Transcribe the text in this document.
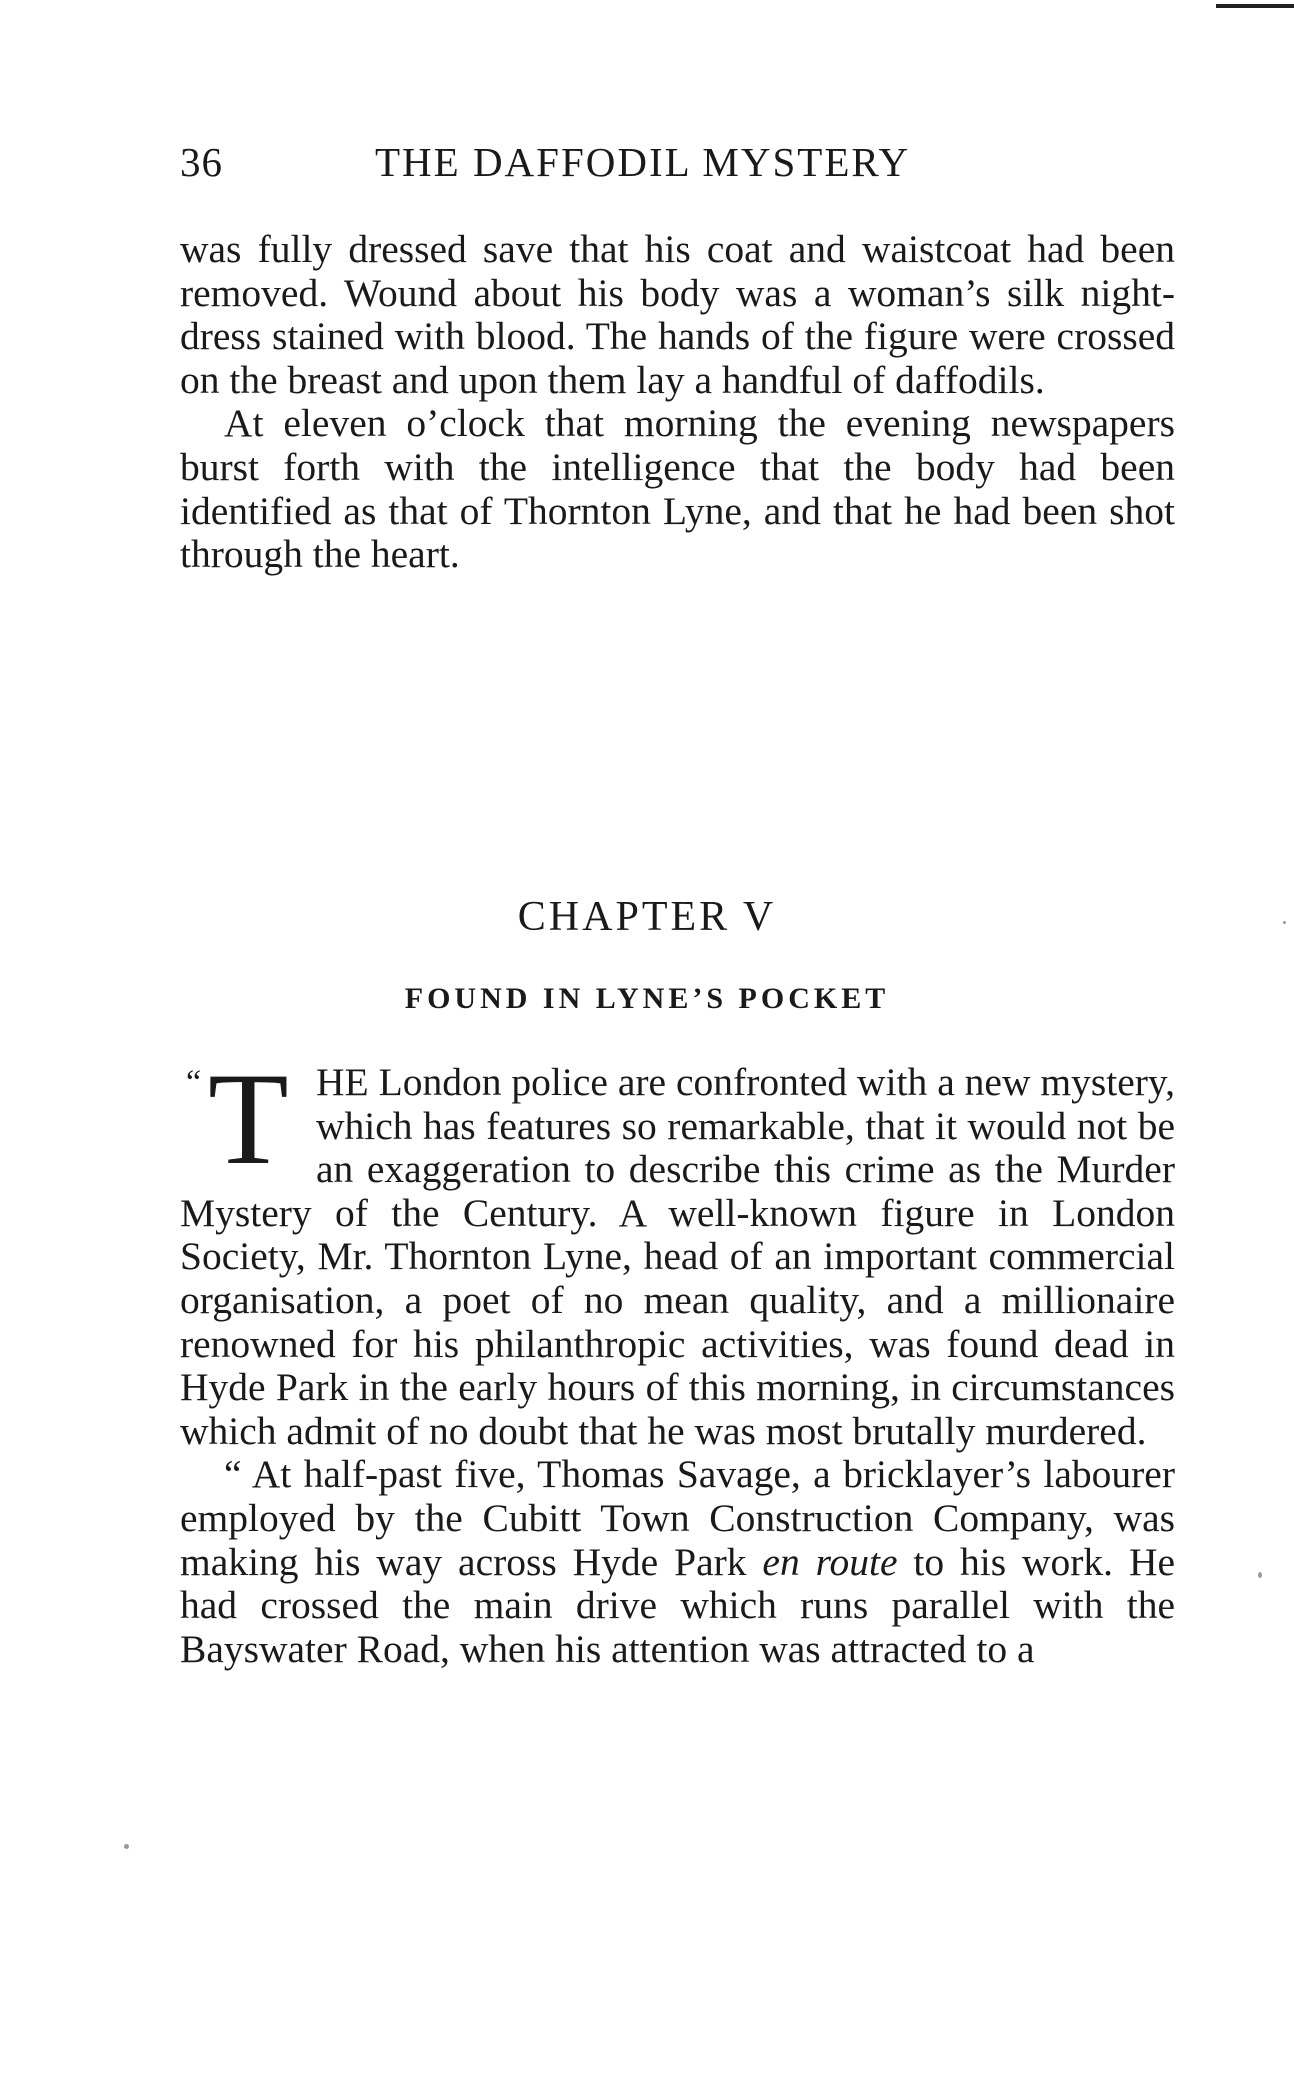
36	THE DAFFODIL MYSTERY

was fully dressed save that his coat and waistcoat had been removed. Wound about his body was a woman’s silk night-dress stained with blood. The hands of the figure were crossed on the breast and upon them lay a handful of daffodils.

At eleven o’clock that morning the evening newspapers burst forth with the intelligence that the body had been identified as that of Thornton Lyne, and that he had been shot through the heart.

CHAPTER V
FOUND IN LYNE’S POCKET
“ T HE London police are confronted with a new mystery, which has features so remarkable, that it would not be an exaggeration to describe this crime as the Murder Mystery of the Century. A well-known figure in London Society, Mr. Thornton Lyne, head of an important commercial organisation, a poet of no mean quality, and a millionaire renowned for his philanthropic activities, was found dead in Hyde Park in the early hours of this morning, in circumstances which admit of no doubt that he was most brutally murdered.

“ At half-past five, Thomas Savage, a bricklayer’s labourer employed by the Cubitt Town Construction Company, was making his way across Hyde Park en route to his work. He had crossed the main drive which runs parallel with the Bayswater Road, when his attention was attracted to a
